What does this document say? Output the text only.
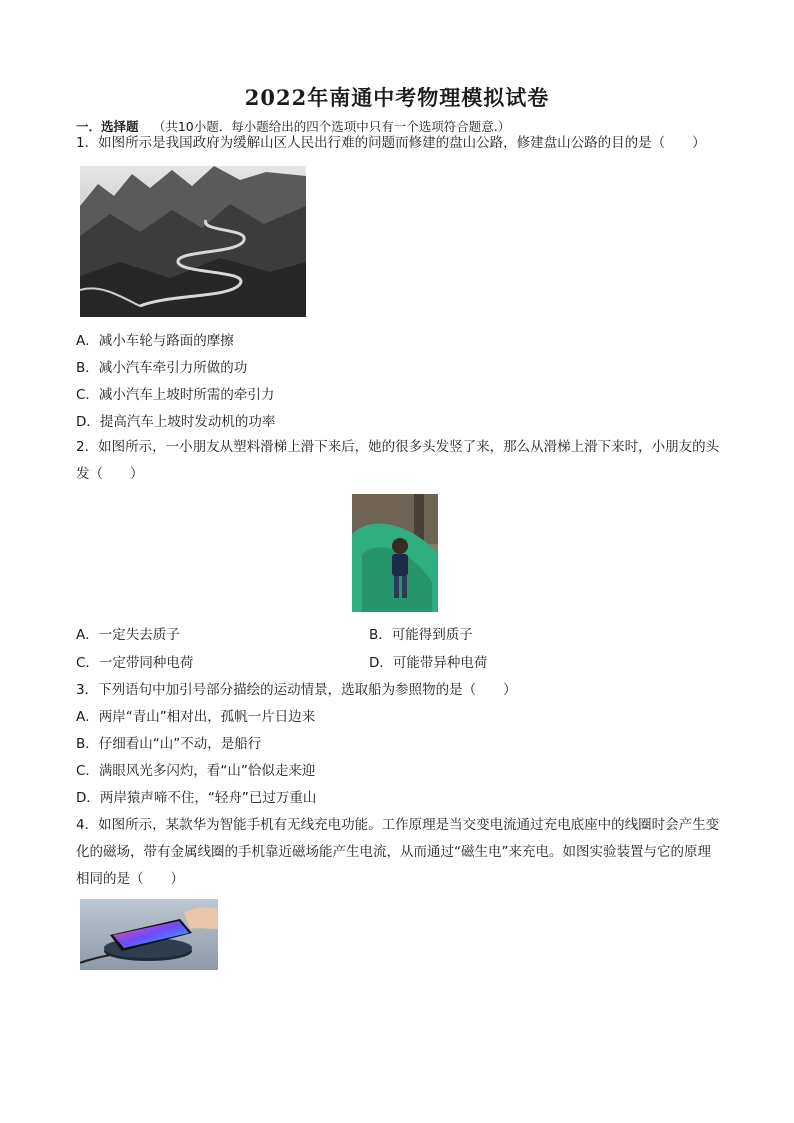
2022年南通中考物理模拟试卷
一．选择题 （共10小题．每小题给出的四个选项中只有一个选项符合题意.）
1．如图所示是我国政府为缓解山区人民出行难的问题而修建的盘山公路，修建盘山公路的目的是（　　）
A．减小车轮与路面的摩擦
B．减小汽车牵引力所做的功
C．减小汽车上坡时所需的牵引力
D．提高汽车上坡时发动机的功率
2．如图所示，一小朋友从塑料滑梯上滑下来后，她的很多头发竖了来，那么从滑梯上滑下来时，小朋友的头发（　　）
A．一定失去质子	B．可能得到质子
C．一定带同种电荷	D．可能带异种电荷
3．下列语句中加引号部分描绘的运动情景，选取船为参照物的是（　　）
A．两岸“青山”相对出，孤帆一片日边来
B．仔细看山“山”不动，是船行
C．满眼风光多闪灼，看“山”恰似走来迎
D．两岸猿声啼不住，“轻舟”已过万重山
4．如图所示，某款华为智能手机有无线充电功能。工作原理是当交变电流通过充电底座中的线圈时会产生变化的磁场，带有金属线圈的手机靠近磁场能产生电流，从而通过“磁生电”来充电。如图实验装置与它的原理相同的是（　　）
